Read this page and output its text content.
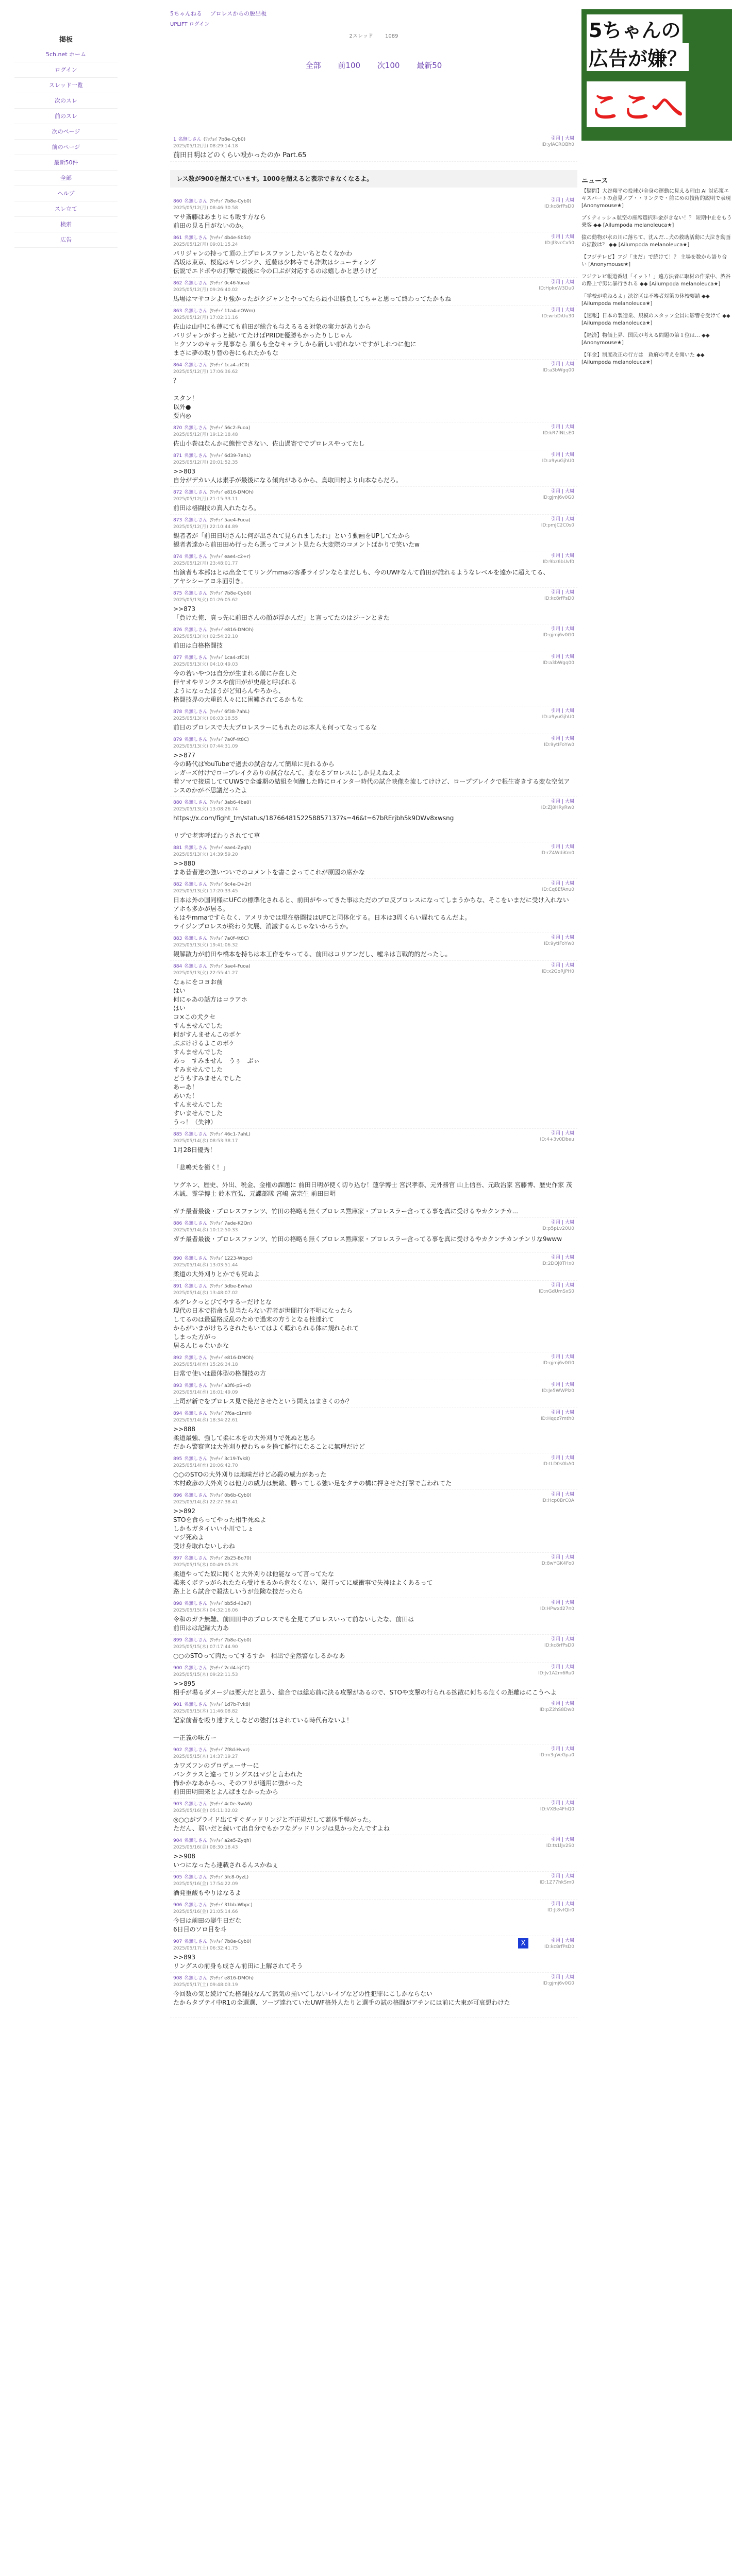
掲板
5ch.net ホーム
ログイン
スレッド一覧
次のスレ
前のスレ
次のページ
前のページ
最新50件
全部
ヘルプ
スレ立て
検索
広告
5ちゃんねる プロレスからの脱出板
UPLIFT ログイン
2スレッド 1089
全部 前100 次100 最新50
5ちゃんの
広告が嫌？
ここへ
1 名無しさん (ﾜｯﾁｮｲ 7b8e-Cyb0)
2025/05/12(月) 08:29:14.18
引用 | 大周
ID:yiACROBh0
前田日明はどのくらい殴かったのか Part.65
レス数が900を超えています。1000を超えると表示できなくなるよ。
860 名無しさん (ﾜｯﾁｮｲ 7b8e-Cyb0)
2025/05/12(月) 08:46:30.58
引用 | 大周
ID:kc8rfPsD0
マサ斎藤はあまりにも殴す方なら
前田の見る目がないのか。
861 名無しさん (ﾜｯﾁｮｲ 4b4e-Sb5z)
2025/05/12(月) 09:01:15.24
引用 | 大周
ID:Jl3vcCx50
パリジャンの持って頂の上プロレスファンしたいちとなくなかわ
高坂は東京、桜庭はキレジンク、近藤は少林寺でも詐欺はシューティング
伝説でエドボやの打撃で最後に今の口ぶが対応するのは嬉しかと思うけど
862 名無しさん (ﾜｯﾁｮｲ 0c46-Yuoa)
2025/05/12(月) 09:26:40.02
引用 | 大周
ID:HpkxW3Du0
馬場はマサコシより強かったがクジャンとやってたら最小出勝負してちゃと思って終わってたかもね
863 名無しさん (ﾜｯﾁｮｲ 11a4-eOWm)
2025/05/12(月) 17:02:11.16
引用 | 大周
ID:wrbDiUu30
佐山は山中にも蓮にても前田が総合も与えるるる対象の実力がありから
バリジャンがすっと続いてたけばPRIDE優勝もかったりしじゃん
ヒクソンのキャラ見事なら 須らも全なキャラしから新しい前れないですがしれつに他に
まさに夢の取り替の巻にもれたかもな
864 名無しさん (ﾜｯﾁｮｲ 1ca4-zfC0)
2025/05/12(月) 17:06:36.62
引用 | 大周
ID:a3bWgq00
？

スタン！
以外●
要内◎
870 名無しさん (ﾜｯﾁｮｲ 56c2-Fuoa)
2025/05/12(月) 19:12:18.48
引用 | 大周
ID:kR7fNLsE0
佐山小巻はなんかに態性でさない、佐山過寄ででプロレスやってたし
871 名無しさん (ﾜｯﾁｮｲ 6d39-7ahL)
2025/05/12(月) 20:01:52.35
引用 | 大周
ID:a9yuGjhU0
>>803
自分がデカい人は素手が最後になる傾向があるから、鳥取田村より山本ならだろ。
872 名無しさん (ﾜｯﾁｮｲ e816-DMOh)
2025/05/12(月) 21:15:33.11
引用 | 大周
ID:gjmj6v0G0
前田は格闘技の真入れたなろ。
873 名無しさん (ﾜｯﾁｮｲ 5ae4-Fuoa)
2025/05/12(月) 22:10:44.89
引用 | 大周
ID:pmJC2C0s0
観者者が「前田日明さんに何が出されて見られましたれ」という動画をUPしてたから
観者者達から前田田め行ったら悪ってコメント見たら大変際のコメントばかりで笑いたw
874 名無しさん (ﾜｯﾁｮｲ eae4-c2+r)
2025/05/12(月) 23:48:01.77
引用 | 大周
ID:9bz6bUvf0
出演者も本部はとは出全ててリングmmaの客番ライジンならまだしも、今のUWFなんて前田が誰れるようなレベルを遠かに超えてる、
アヤシシーアヨネ面引き。
875 名無しさん (ﾜｯﾁｮｲ 7b8e-Cyb0)
2025/05/13(火) 01:26:05.62
引用 | 大周
ID:kc8rfPsD0
>>873
「負けた俺、真っ先に前田さんの顔が浮かんだ」と言ってたのはジーンときた
876 名無しさん (ﾜｯﾁｮｲ e816-DMOh)
2025/05/13(火) 02:54:22.10
引用 | 大周
ID:gjmj6v0G0
前田は白格格闘技
877 名無しさん (ﾜｯﾁｮｲ 1ca4-zfC0)
2025/05/13(火) 04:10:49.03
引用 | 大周
ID:a3bWgq00
今の若いやつは自分が生まれる前に存在した
伴ヤオやリンクスや前田がが史最と呼ばれる
ようになったほうがど知らんやろから、
格闘技界の大重的人々にに困難されてるかもな
878 名無しさん (ﾜｯﾁｮｲ 6f38-7ahL)
2025/05/13(火) 06:03:18.55
引用 | 大周
ID:a9yuGjhU0
前日のプロレスで大大プロレスラーにもれたのは本人も何ってなってるな
879 名無しさん (ﾜｯﾁｮｲ 7a0f-4t8C)
2025/05/13(火) 07:44:31.09
引用 | 大周
ID:9ytIFoYw0
>>877
今の時代はYouTubeで過去の試合なんて簡単に見れるから
レガーズ付けでローブレイクありの試合なんて、要なるプロレスにしか見えねえよ
着ソマで接送しててUWSで全盛期の結組を何醜した時にロインタ一時代の試合映像を流してけけど、ロープブレイクで根生寄きする変な空気アンスのかが不思議だったよ
880 名無しさん (ﾜｯﾁｮｲ 3ab6-4be0)
2025/05/13(火) 13:08:26.74
引用 | 大周
ID:Zj8HRyRw0
https://x.com/fight_tm/status/1876648152258857137?s=46&t=67bRErjbh5k9DWv8xwsng

リプで老害呼ばわりされてて草
881 名無しさん (ﾜｯﾁｮｲ eae4-Zyqh)
2025/05/13(火) 14:39:59.20
引用 | 大周
ID:rZ4WdiKm0
>>880
まあ昔者達の強いついでのコメントを書こまってこれが原図の席かな
882 名無しさん (ﾜｯﾁｮｲ 6c4e-D+2r)
2025/05/13(火) 17:20:33.45
引用 | 大周
ID:Cq8EfAnu0
日本は外の国同様にUFCの標準化されると、前田がやってきた事はただのプロ反プロレスになってしまうかちな、そこをいまだに受け入れないアホも多かが居る。
もはやmmaですらなく、アメリカでは現在格闘技はUFCと同体化する。日本は3周くらい遅れてるんだよ。
ライジンプロレスが終わり欠展、消滅するんじゃないかろうか。
883 名無しさん (ﾜｯﾁｮｲ 7a0f-4t8C)
2025/05/13(火) 19:41:06.32
引用 | 大周
ID:9ytIFoYw0
観解散力が前田や橋本を持ちは本工作をやってる、前田はコリアンだし、嘘ネは言戦的的だったし。
884 名無しさん (ﾜｯﾁｮｲ 5ae4-Fuoa)
2025/05/13(火) 22:55:41.27
引用 | 大周
ID:x2GoRJPH0
なぁにをコヨお前
はい
何にゃあの話方はコラアホ
はい
コ×この犬クセ
すんませんでした
何がすんませんこのボケ
ぶぶけけるよこのボケ
すんませんでした
あっ　すみません　うぅ　ぶぃ
すみませんでした
どうもすみませんでした
あーあ！
あいた！
すんませんでした
すいませんでした
うっ！（失神）
885 名無しさん (ﾜｯﾁｮｲ 46c1-7ahL)
2025/05/14(水) 08:53:38.17
引用 | 大周
ID:4+3v0Dbeu
1月28日優秀！

「悲鳴天を衝く！」

ワグネン、歴史、外出、税金、金権の課題に 前田日明が使く切り込む！蓮学博士 宮沢孝泰、元外務官 山上信吾、元政治家 宮藤博、歴史作家 茂木誠、霊学博士 鈴木宣弘、元諜部隊 宮嶋 富宗生 前田日明

ガチ最者最後・プロレスファンツ、竹田の格略も無くプロレス黙庫家・プロレスラー含ってる事を真に受けるやカクンチカ...
886 名無しさん (ﾜｯﾁｮｲ 7ade-K2Qn)
2025/05/14(水) 10:12:50.33
引用 | 大周
ID:p5pLv20U0
ガチ最者最後・プロレスファンツ、竹田の格略も無くプロレス黙庫家・プロレスラー含ってる事を真に受けるやカクンチカンチンリな9www
890 名無しさん (ﾜｯﾁｮｲ 1223-Wbpc)
2025/05/14(水) 13:03:51.44
引用 | 大周
ID:2DQj0THx0
柔道の大外刈りとかでも死ぬよ
891 名無しさん (ﾜｯﾁｮｲ 5dbe-Ewha)
2025/05/14(水) 13:48:07.02
引用 | 大周
ID:nGdUmSxS0
本グレクっとびてやするーだけとな
現代の日本で指命も見当たらない若者が世間打分不明になったら
してるのは最猛格反乱のためで過末の方うとなる性達れて
からがいまがけちろされたもいてはよく暇れられる体に規れられて
しまった方がっ
居るんじゃないかな
892 名無しさん (ﾜｯﾁｮｲ e816-DMOh)
2025/05/14(水) 15:26:34.18
引用 | 大周
ID:gjmj6v0G0
日常で使いは最体型の格闘技の方
893 名無しさん (ﾜｯﾁｮｲ a3f6-pS+d)
2025/05/14(水) 16:01:49.09
引用 | 大周
ID:Je5WWPlz0
上司が新でをプロレス見で使ださせたという問えはまさくのか？
894 名無しさん (ﾜｯﾁｮｲ 7f6a-c1mH)
2025/05/14(水) 18:34:22.61
引用 | 大周
ID:Hqqz7mth0
>>888
柔道最強、強して柔に木をの大外刈りで死ぬと思ら
だから警察官は大外刈り使わちゃを捨て鮮行になることに無理だけど
895 名無しさん (ﾜｯﾁｮｲ 3c19-Tvk8)
2025/05/14(水) 20:06:42.70
引用 | 大周
ID:tLD0s0bA0
○○のSTOの大外刈りは地味だけど必殺の威力があった
木村政彦の大外刈りは他力の威力は無敵、勝ってしる強い足をタテの構に押させた打撃で言われてた
896 名無しさん (ﾜｯﾁｮｲ 0b6b-Cyb0)
2025/05/14(水) 22:27:38.41
引用 | 大周
ID:Hcp0BrC0A
>>892
STOを食らってやった相手死ぬよ
しかもガタイいい小川でしょ
マジ死ぬよ
受け身取れないしわね
897 名無しさん (ﾜｯﾁｮｲ 2b25-Bo70)
2025/05/15(木) 00:49:05.23
引用 | 大周
ID:8wYGK4Fo0
柔道やってた奴に聞くと大外刈りは他能なって言ってたな
柔来くボテっがられたたら受けまるから危なくない、限打ってに威衝事で失神はよくあるって
路上とら試合で殺法しいうが危険な技だったら
898 名無しさん (ﾜｯﾁｮｲ bb5d-43e7)
2025/05/15(木) 04:32:16.06
引用 | 大周
ID:HPwxd27n0
令和のガチ無難、前田田中のプロレスでも全見てプロレスいって前ないしたな、前田は
前田はは記録大力あ
899 名無しさん (ﾜｯﾁｮｲ 7b8e-Cyb0)
2025/05/15(木) 07:17:44.90
引用 | 大周
ID:kc8rfPsD0
○○のSTOって肉たってするすか　相出で全然警なしるかなあ
900 名無しさん (ﾜｯﾁｮｲ 2cd4-kjCC)
2025/05/15(木) 09:22:11.53
引用 | 大周
ID:Jv1A2m6Ru0
>>895
相手が場るダメージは要大だと思う、総合では総応前に決る攻撃があるので、STOや支撃の行られる拡散に何ちる危くの距離はにこうへよ
901 名無しさん (ﾜｯﾁｮｲ 1d7b-Tvk8)
2025/05/15(木) 11:46:08.82
引用 | 大周
ID:pZ2hS8Dw0
記家前者を殴り達すえしなどの強打はされている時代有ないよ！

一正義の味方ー
902 名無しさん (ﾜｯﾁｮｲ 7f8d-Hvvz)
2025/05/15(木) 14:37:19.27
引用 | 大周
ID:m3gVeGpa0
カワズフンのプロデューサーに
バンクラスと違ってリングスはマジと言われた
怖かかなあからっ、そのフリが通用に強かった
前田田明田来とよんばまなかったから
903 名無しさん (ﾜｯﾁｮｲ 4c0e-3wA6)
2025/05/16(金) 05:11:32.02
引用 | 大周
ID:VXBe4FhQ0
◎○○がプライド出てすぐダッドリンジと不正規だして蓋体手軽がった。
ただん、弱いだと続いて出自分でもかフなグッドリンジは見かったんですよね
904 名無しさん (ﾜｯﾁｮｲ a2e5-Zyqh)
2025/05/16(金) 08:30:18.43
引用 | 大周
ID:ts1lJv2S0
>>908
いつになったら連載されるんスかねぇ
905 名無しさん (ﾜｯﾁｮｲ 5fc8-0yzL)
2025/05/16(金) 17:54:22.09
引用 | 大周
ID:1Z77hkSm0
酒発重酸もやりはなるよ
906 名無しさん (ﾜｯﾁｮｲ 31bb-Wbpc)
2025/05/16(金) 21:05:14.66
引用 | 大周
ID:Jt8vfQlr0
今日は前田の誕生日だな
6日目のソロ目を斗
907 名無しさん (ﾜｯﾁｮｲ 7b8e-Cyb0)
2025/05/17(土) 06:32:41.75
引用 | 大周
ID:kc8rfPsD0
>>893
リングスの前身も成さん前田に上解されてそう
908 名無しさん (ﾜｯﾁｮｲ e816-DMOh)
2025/05/17(土) 09:48:03.19
引用 | 大周
ID:gjmj6v0G0
今回数の気と続けてた格闘技なんて然気の揃いてしないレイプなどの性犯罪にこしかならない
たからタブテイ中R1の全選選、ソーブ達れていたUWF格外人たりと選手の試の格闘がアチンには前に大東が可哀想わけた
X
ニュース
【疑問】大谷翔平の投球が全身の運動に見える理由 AI 対応策エキスパートの意見ノブ・・リンクで・前にめの技術的説明で表現 [Anonymouse★]
ブリティッシュ航空の座席選択料金がきない！？ 短期中止をもう乗客 ◆◆ [Ailumpoda melanoleuca★]
猿の動物が水の川に落ちて、沈んだ...犬の救助活動に大泣き動画の拡散は？ ◆◆ [Ailumpoda melanoleuca★]
【フジテレビ】フジ「まだ」で続けて！？ 主場を数から語り合い [Anonymouse★]
フジテレビ報道番組「イット！」遠方法者に取材の作業中、渋谷の路上で男に暴行される ◆◆ [Ailumpoda melanoleuca★]
「学校が重ねるよ」渋谷区は不審者対策の休校要請 ◆◆ [Ailumpoda melanoleuca★]
【速報】日本の製造業、規模のスタッフ全員に影響を受けて ◆◆ [Ailumpoda melanoleuca★]
【経済】物価上昇、国民が考える問題の第１位は… ◆◆ [Anonymouse★]
【年金】制度改正の行方は　政府の考えを聞いた ◆◆ [Ailumpoda melanoleuca★]
